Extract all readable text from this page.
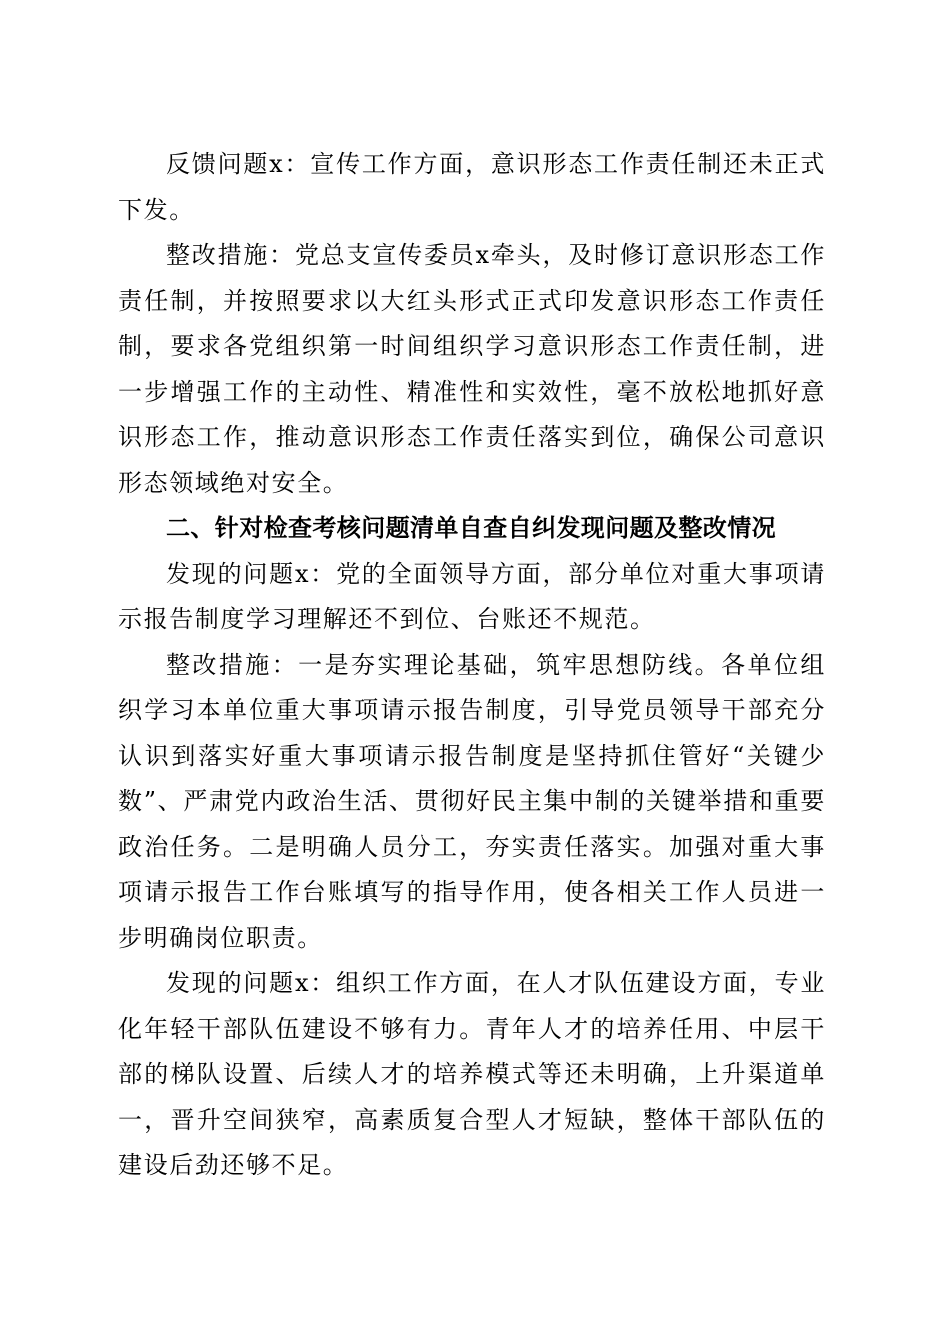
反馈问题x：宣传工作方面，意识形态工作责任制还未正式下发。

整改措施：党总支宣传委员x牵头，及时修订意识形态工作责任制，并按照要求以大红头形式正式印发意识形态工作责任制，要求各党组织第一时间组织学习意识形态工作责任制，进一步增强工作的主动性、精准性和实效性，毫不放松地抓好意识形态工作，推动意识形态工作责任落实到位，确保公司意识形态领域绝对安全。

二、针对检查考核问题清单自查自纠发现问题及整改情况

发现的问题x：党的全面领导方面，部分单位对重大事项请示报告制度学习理解还不到位、台账还不规范。

整改措施：一是夯实理论基础，筑牢思想防线。各单位组织学习本单位重大事项请示报告制度，引导党员领导干部充分认识到落实好重大事项请示报告制度是坚持抓住管好“关键少数”、严肃党内政治生活、贯彻好民主集中制的关键举措和重要政治任务。二是明确人员分工，夯实责任落实。加强对重大事项请示报告工作台账填写的指导作用，使各相关工作人员进一步明确岗位职责。

发现的问题x：组织工作方面，在人才队伍建设方面，专业化年轻干部队伍建设不够有力。青年人才的培养任用、中层干部的梯队设置、后续人才的培养模式等还未明确，上升渠道单一，晋升空间狭窄，高素质复合型人才短缺，整体干部队伍的建设后劲还够不足。
